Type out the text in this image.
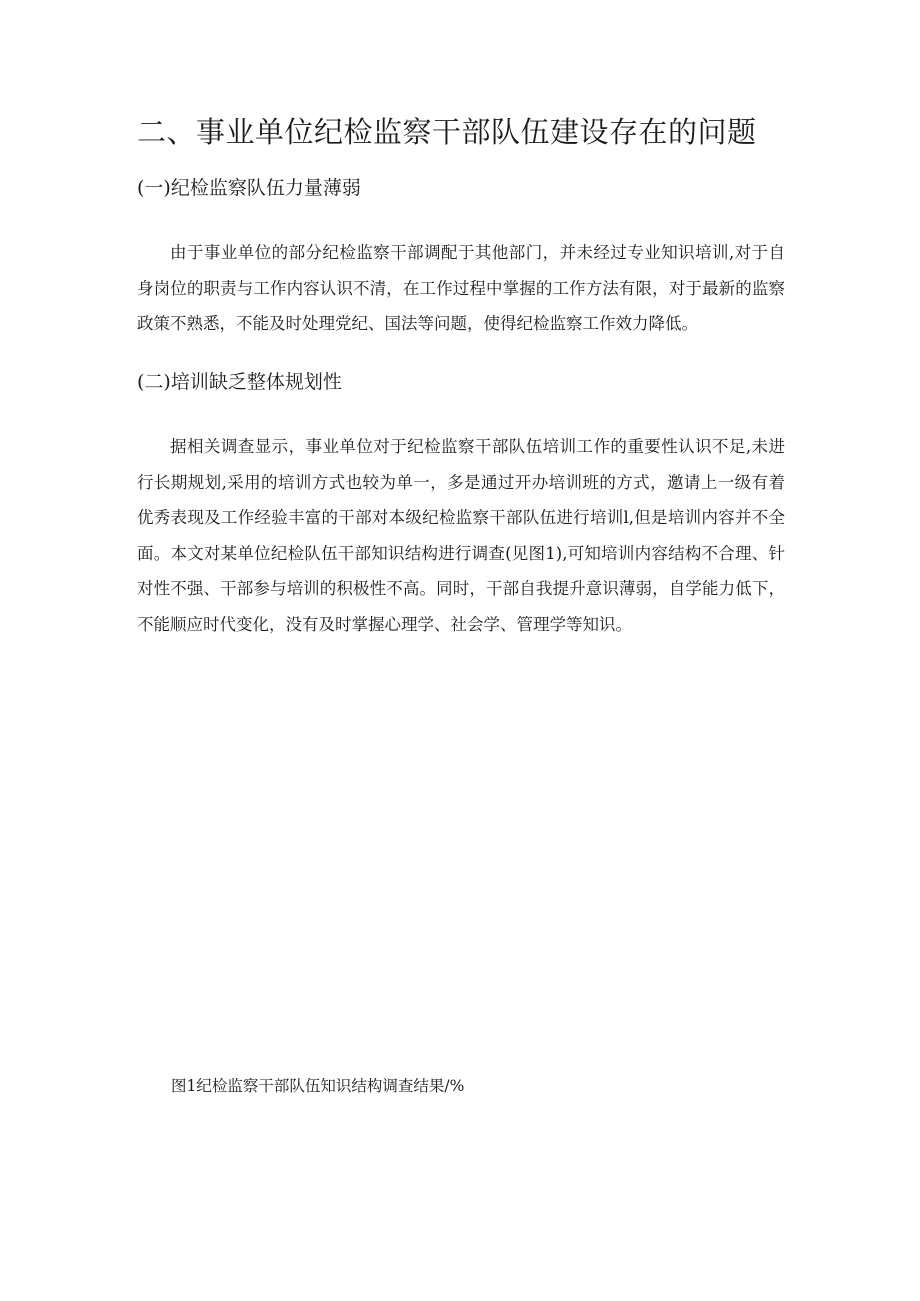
二、事业单位纪检监察干部队伍建设存在的问题
(一)纪检监察队伍力量薄弱

由于事业单位的部分纪检监察干部调配于其他部门，并未经过专业知识培训,对于自身岗位的职责与工作内容认识不清，在工作过程中掌握的工作方法有限，对于最新的监察政策不熟悉，不能及时处理党纪、国法等问题，使得纪检监察工作效力降低。

(二)培训缺乏整体规划性

据相关调查显示，事业单位对于纪检监察干部队伍培训工作的重要性认识不足,未进行长期规划,采用的培训方式也较为单一，多是通过开办培训班的方式，邀请上一级有着优秀表现及工作经验丰富的干部对本级纪检监察干部队伍进行培训l,但是培训内容并不全面。本文对某单位纪检队伍干部知识结构进行调查(见图1),可知培训内容结构不合理、针对性不强、干部参与培训的积极性不高。同时，干部自我提升意识薄弱，自学能力低下，不能顺应时代变化，没有及时掌握心理学、社会学、管理学等知识。

图1纪检监察干部队伍知识结构调查结果/%
